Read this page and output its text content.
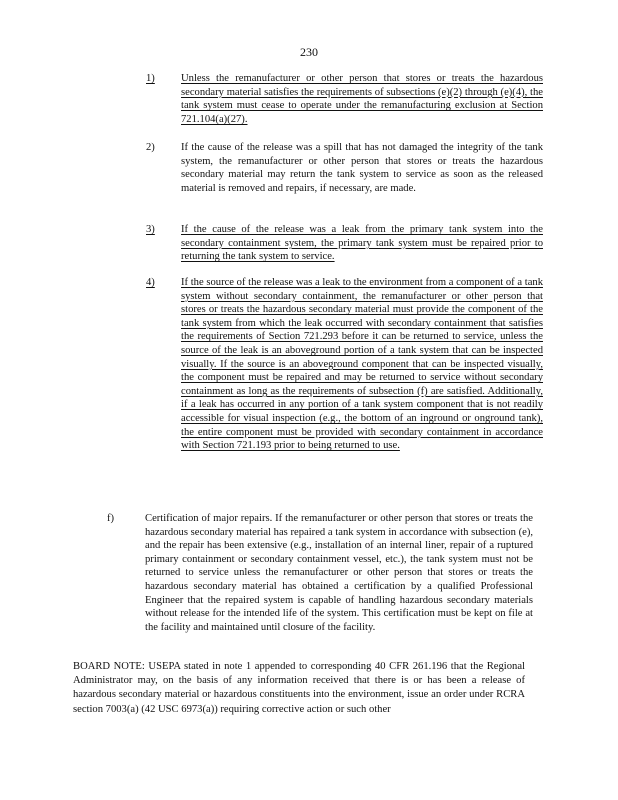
230
1) Unless the remanufacturer or other person that stores or treats the hazardous secondary material satisfies the requirements of subsections (e)(2) through (e)(4), the tank system must cease to operate under the remanufacturing exclusion at Section 721.104(a)(27).
2) If the cause of the release was a spill that has not damaged the integrity of the tank system, the remanufacturer or other person that stores or treats the hazardous secondary material may return the tank system to service as soon as the released material is removed and repairs, if necessary, are made.
3) If the cause of the release was a leak from the primary tank system into the secondary containment system, the primary tank system must be repaired prior to returning the tank system to service.
4) If the source of the release was a leak to the environment from a component of a tank system without secondary containment, the remanufacturer or other person that stores or treats the hazardous secondary material must provide the component of the tank system from which the leak occurred with secondary containment that satisfies the requirements of Section 721.293 before it can be returned to service, unless the source of the leak is an aboveground portion of a tank system that can be inspected visually. If the source is an aboveground component that can be inspected visually, the component must be repaired and may be returned to service without secondary containment as long as the requirements of subsection (f) are satisfied. Additionally, if a leak has occurred in any portion of a tank system component that is not readily accessible for visual inspection (e.g., the bottom of an inground or onground tank), the entire component must be provided with secondary containment in accordance with Section 721.193 prior to being returned to use.
f)	Certification of major repairs. If the remanufacturer or other person that stores or treats the hazardous secondary material has repaired a tank system in accordance with subsection (e), and the repair has been extensive (e.g., installation of an internal liner, repair of a ruptured primary containment or secondary containment vessel, etc.), the tank system must not be returned to service unless the remanufacturer or other person that stores or treats the hazardous secondary material has obtained a certification by a qualified Professional Engineer that the repaired system is capable of handling hazardous secondary materials without release for the intended life of the system. This certification must be kept on file at the facility and maintained until closure of the facility.
BOARD NOTE: USEPA stated in note 1 appended to corresponding 40 CFR 261.196 that the Regional Administrator may, on the basis of any information received that there is or has been a release of hazardous secondary material or hazardous constituents into the environment, issue an order under RCRA section 7003(a) (42 USC 6973(a)) requiring corrective action or such other
